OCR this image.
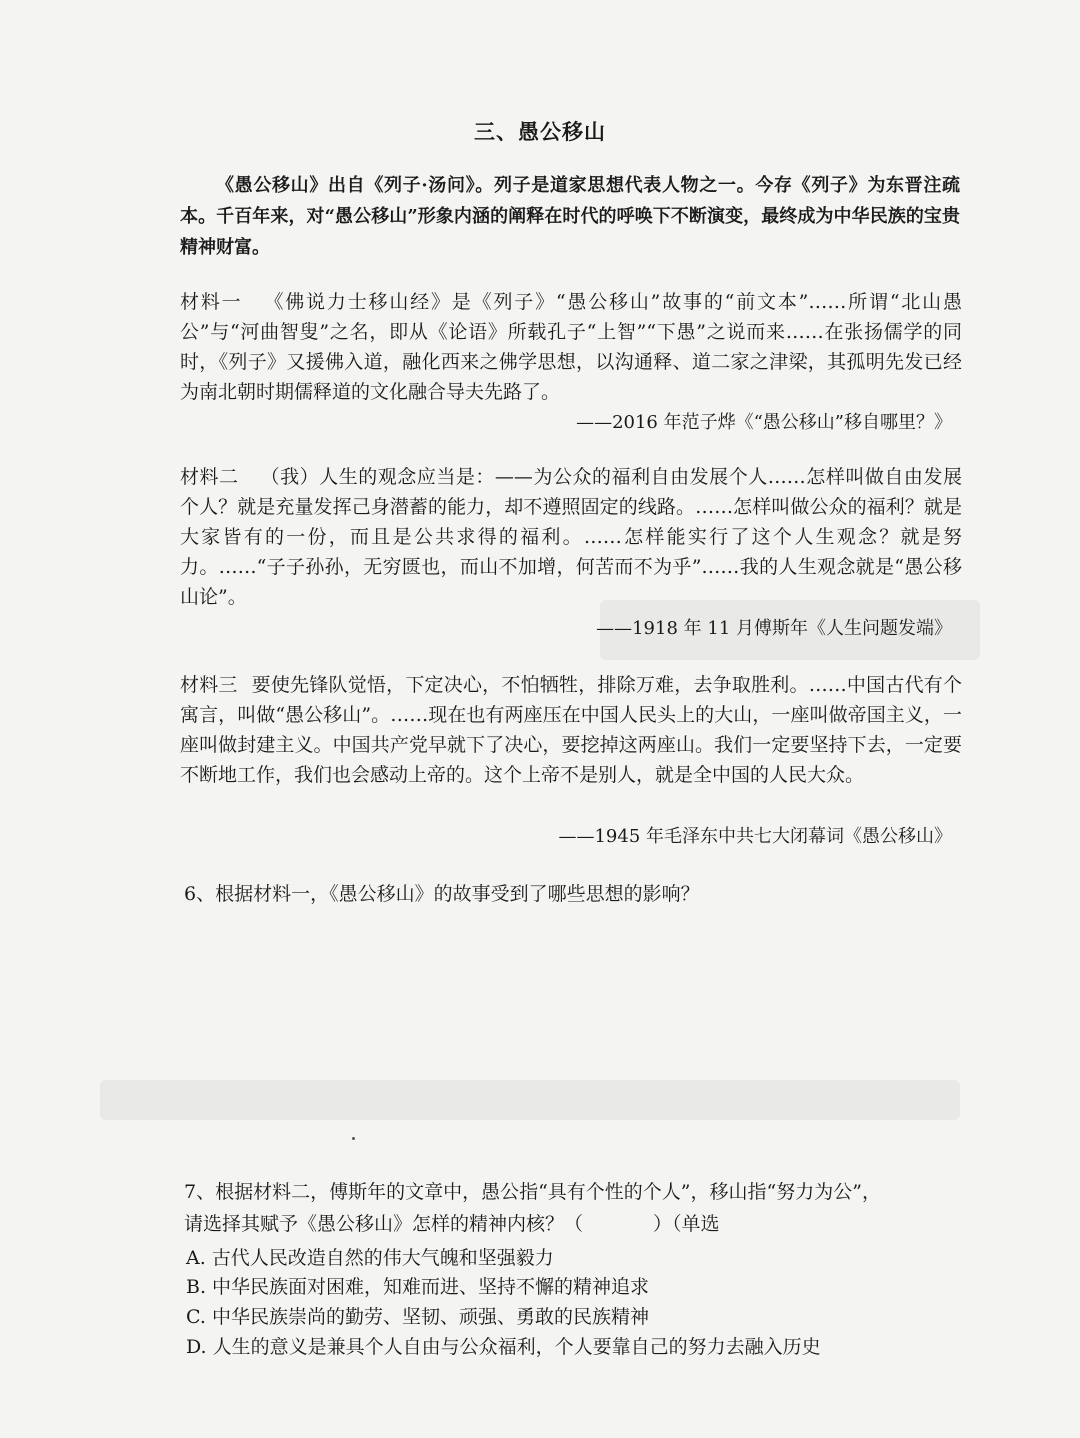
三、愚公移山
《愚公移山》出自《列子·汤问》。列子是道家思想代表人物之一。今存《列子》为东晋注疏本。千百年来，对“愚公移山”形象内涵的阐释在时代的呼唤下不断演变，最终成为中华民族的宝贵精神财富。
材料一 《佛说力士移山经》是《列子》“愚公移山”故事的“前文本”……所谓“北山愚公”与“河曲智叟”之名，即从《论语》所载孔子“上智”“下愚”之说而来……在张扬儒学的同时，《列子》又援佛入道，融化西来之佛学思想，以沟通释、道二家之津梁，其孤明先发已经为南北朝时期儒释道的文化融合导夫先路了。
——2016 年范子烨《“愚公移山”移自哪里？》
材料二 （我）人生的观念应当是：——为公众的福利自由发展个人……怎样叫做自由发展个人？就是充量发挥己身潜蓄的能力，却不遵照固定的线路。……怎样叫做公众的福利？就是大家皆有的一份，而且是公共求得的福利。……怎样能实行了这个人生观念？就是努力。……“子子孙孙，无穷匮也，而山不加增，何苦而不为乎”……我的人生观念就是“愚公移山论”。
——1918 年 11 月傅斯年《人生问题发端》
材料三 要使先锋队觉悟，下定决心，不怕牺牲，排除万难，去争取胜利。……中国古代有个寓言，叫做“愚公移山”。……现在也有两座压在中国人民头上的大山，一座叫做帝国主义，一座叫做封建主义。中国共产党早就下了决心，要挖掉这两座山。我们一定要坚持下去，一定要不断地工作，我们也会感动上帝的。这个上帝不是别人，就是全中国的人民大众。
——1945 年毛泽东中共七大闭幕词《愚公移山》
6、根据材料一，《愚公移山》的故事受到了哪些思想的影响？
7、根据材料二，傅斯年的文章中，愚公指“具有个性的个人”，移山指“努力为公”，
请选择其赋予《愚公移山》怎样的精神内核？（	）（单选
A. 古代人民改造自然的伟大气魄和坚强毅力
B. 中华民族面对困难，知难而进、坚持不懈的精神追求
C. 中华民族崇尚的勤劳、坚韧、顽强、勇敢的民族精神
D. 人生的意义是兼具个人自由与公众福利，个人要靠自己的努力去融入历史
